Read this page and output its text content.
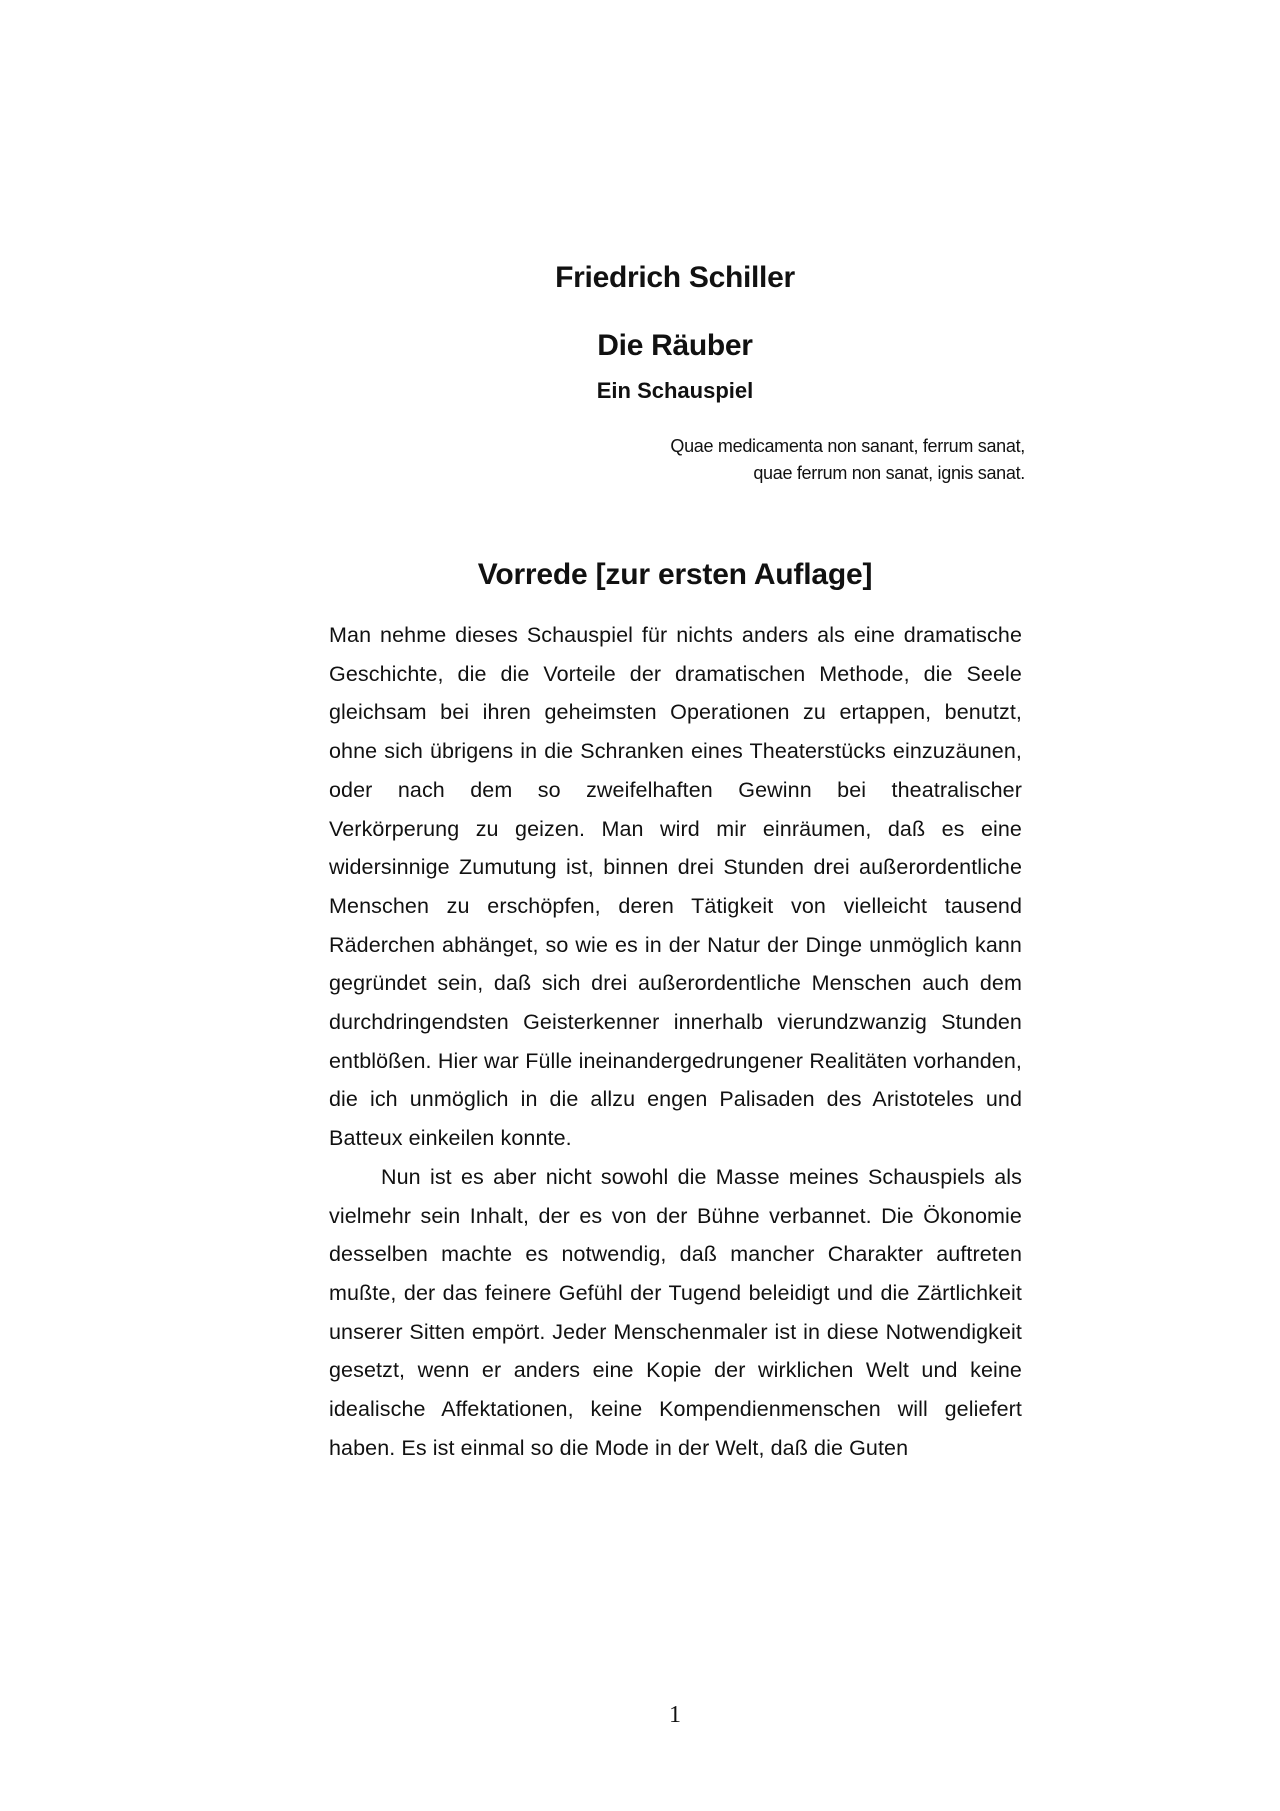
Friedrich Schiller
Die Räuber
Ein Schauspiel
Quae medicamenta non sanant, ferrum sanat,
quae ferrum non sanat, ignis sanat.
Vorrede [zur ersten Auflage]

Man nehme dieses Schauspiel für nichts anders als eine dramatische Geschichte, die die Vorteile der dramatischen Methode, die Seele gleichsam bei ihren geheimsten Operationen zu ertappen, benutzt, ohne sich übrigens in die Schranken eines Theaterstücks einzuzäunen, oder nach dem so zweifelhaften Gewinn bei theatralischer Verkörperung zu geizen. Man wird mir einräumen, daß es eine widersinnige Zumutung ist, binnen drei Stunden drei außerordentliche Menschen zu erschöpfen, deren Tätigkeit von vielleicht tausend Räderchen abhänget, so wie es in der Natur der Dinge unmöglich kann gegründet sein, daß sich drei außerordentliche Menschen auch dem durchdringendsten Geisterkenner innerhalb vierundzwanzig Stunden entblößen. Hier war Fülle ineinandergedrungener Realitäten vorhanden, die ich unmöglich in die allzu engen Palisaden des Aristoteles und Batteux einkeilen konnte.

Nun ist es aber nicht sowohl die Masse meines Schauspiels als vielmehr sein Inhalt, der es von der Bühne verbannet. Die Ökonomie desselben machte es notwendig, daß mancher Charakter auftreten mußte, der das feinere Gefühl der Tugend beleidigt und die Zärtlichkeit unserer Sitten empört. Jeder Menschenmaler ist in diese Notwendigkeit gesetzt, wenn er anders eine Kopie der wirklichen Welt und keine idealische Affektationen, keine Kompendienmenschen will geliefert haben. Es ist einmal so die Mode in der Welt, daß die Guten

1
